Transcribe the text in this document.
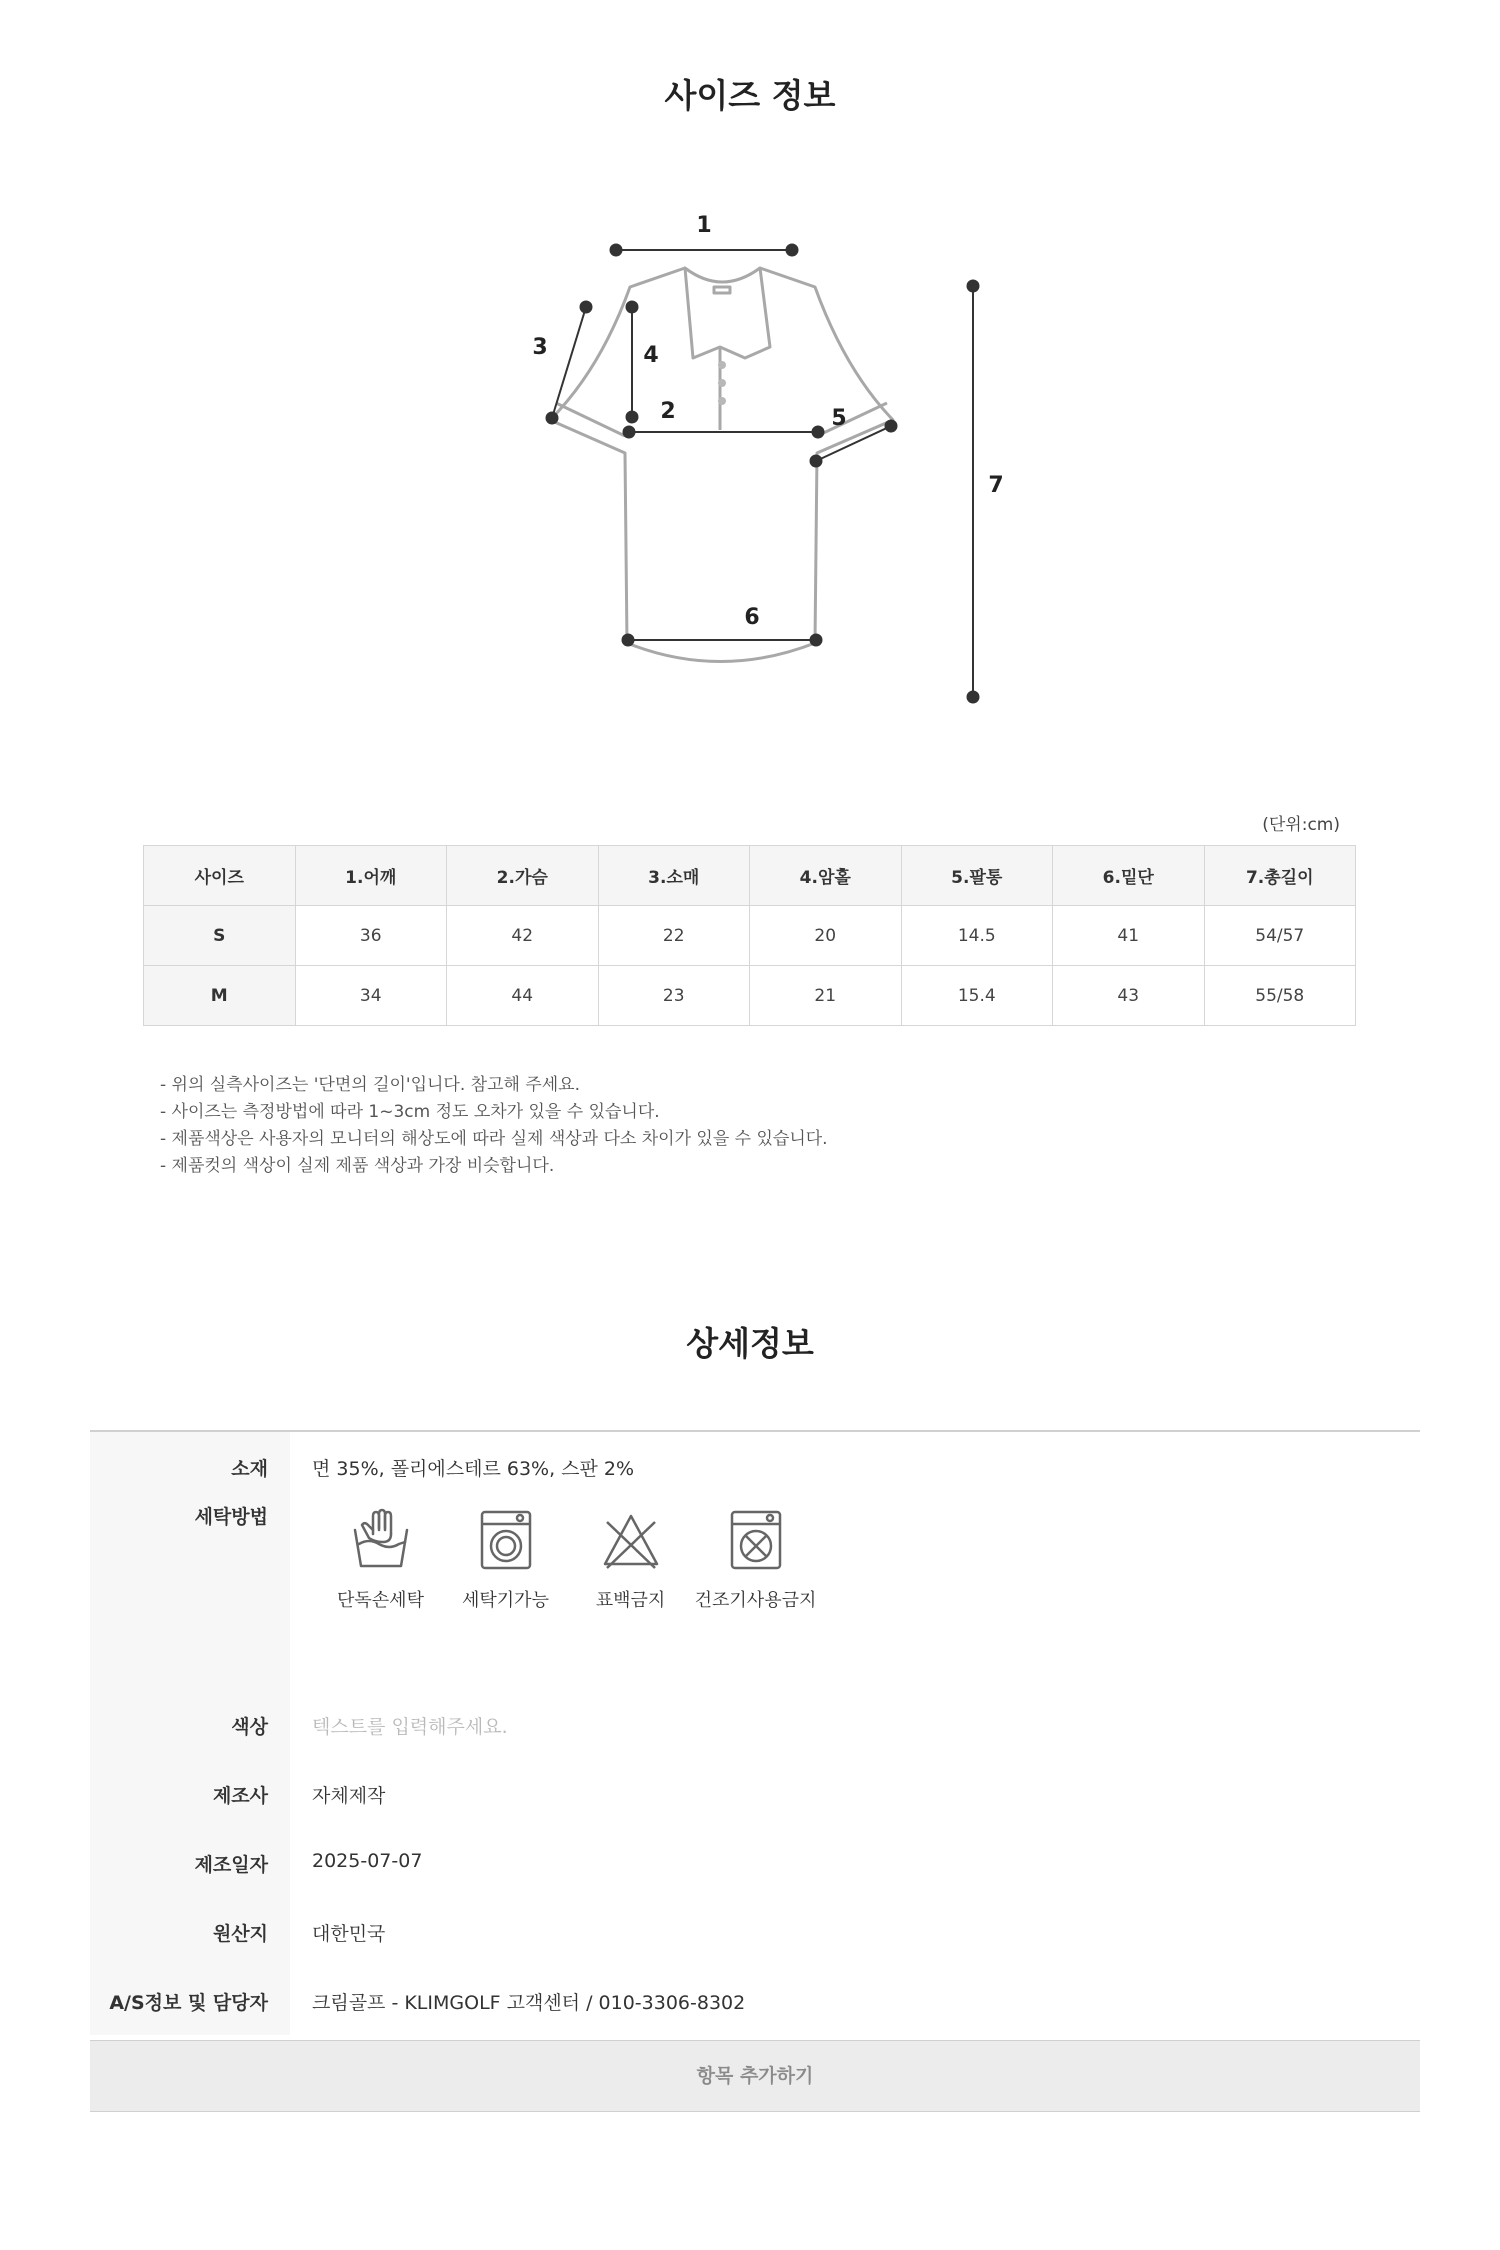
사이즈 정보
1
2
3	4
5
6
7
(단위:cm)
사이즈	1.어깨	2.가슴	3.소매	4.암홀	5.팔통	6.밑단	7.총길이
S	36	42	22	20	14.5	41	54/57
M	34	44	23	21	15.4	43	55/58
- 위의 실측사이즈는 '단면의 길이'입니다. 참고해 주세요.
- 사이즈는 측정방법에 따라 1~3cm 정도 오차가 있을 수 있습니다.
- 제품색상은 사용자의 모니터의 해상도에 따라 실제 색상과 다소 차이가 있을 수 있습니다.
- 제품컷의 색상이 실제 제품 색상과 가장 비슷합니다.
상세정보
소재	면 35%, 폴리에스테르 63%, 스판 2%
세탁방법
단독손세탁	세탁기가능	표백금지	건조기사용금지
색상	텍스트를 입력해주세요.
제조사	자체제작
제조일자	2025-07-07
원산지	대한민국
A/S정보 및 담당자	크림골프 - KLIMGOLF 고객센터 / 010-3306-8302
항목 추가하기
